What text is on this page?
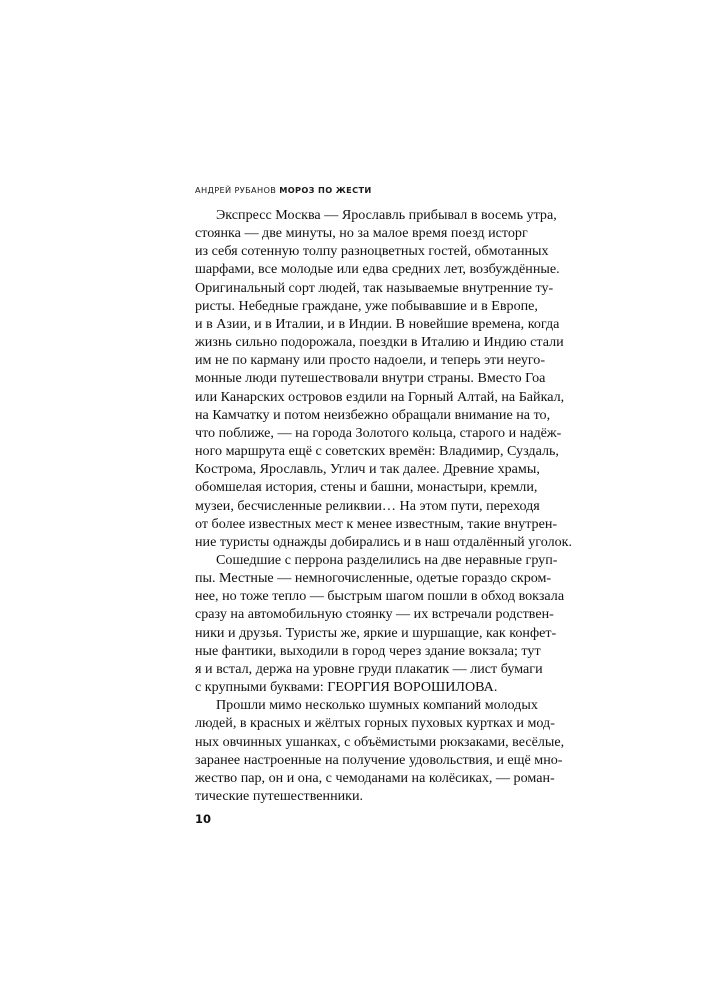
АНДРЕЙ РУБАНОВ МОРОЗ ПО ЖЕСТИ
Экспресс Москва — Ярославль прибывал в восемь утра,
стоянка — две минуты, но за малое время поезд исторг
из себя сотенную толпу разноцветных гостей, обмотанных
шарфами, все молодые или едва средних лет, возбуждённые.
Оригинальный сорт людей, так называемые внутренние ту-
ристы. Небедные граждане, уже побывавшие и в Европе,
и в Азии, и в Италии, и в Индии. В новейшие времена, когда
жизнь сильно подорожала, поездки в Италию и Индию стали
им не по карману или просто надоели, и теперь эти неуго-
монные люди путешествовали внутри страны. Вместо Гоа
или Канарских островов ездили на Горный Алтай, на Байкал,
на Камчатку и потом неизбежно обращали внимание на то,
что поближе, — на города Золотого кольца, старого и надёж-
ного маршрута ещё с советских времён: Владимир, Суздаль,
Кострома, Ярославль, Углич и так далее. Древние храмы,
обомшелая история, стены и башни, монастыри, кремли,
музеи, бесчисленные реликвии… На этом пути, переходя
от более известных мест к менее известным, такие внутрен-
ние туристы однажды добирались и в наш отдалённый уголок.
Сошедшие с перрона разделились на две неравные груп-
пы. Местные — немногочисленные, одетые гораздо скром-
нее, но тоже тепло — быстрым шагом пошли в обход вокзала
сразу на автомобильную стоянку — их встречали родствен-
ники и друзья. Туристы же, яркие и шуршащие, как конфет-
ные фантики, выходили в город через здание вокзала; тут
я и встал, держа на уровне груди плакатик — лист бумаги
с крупными буквами: ГЕОРГИЯ ВОРОШИЛОВА.
Прошли мимо несколько шумных компаний молодых
людей, в красных и жёлтых горных пуховых куртках и мод-
ных овчинных ушанках, с объёмистыми рюкзаками, весёлые,
заранее настроенные на получение удовольствия, и ещё мно-
жество пар, он и она, с чемоданами на колёсиках, — роман-
тические путешественники.
10
